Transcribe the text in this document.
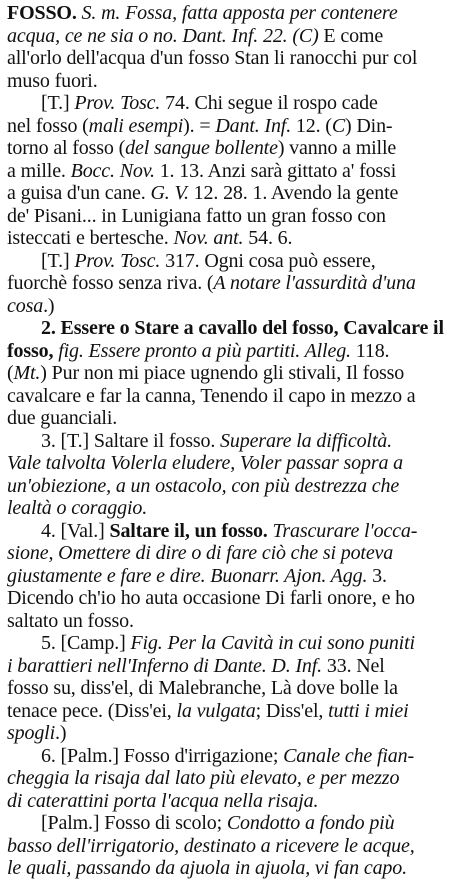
FOSSO. S. m. Fossa, fatta apposta per contenere
acqua, ce ne sia o no. Dant. Inf. 22. (C) E come
all'orlo dell'acqua d'un fosso Stan li ranocchi pur col
muso fuori.
[T.] Prov. Tosc. 74. Chi segue il rospo cade
nel fosso (mali esempi). = Dant. Inf. 12. (C) Din-
torno al fosso (del sangue bollente) vanno a mille
a mille. Bocc. Nov. 1. 13. Anzi sarà gittato a' fossi
a guisa d'un cane. G. V. 12. 28. 1. Avendo la gente
de' Pisani... in Lunigiana fatto un gran fosso con
isteccati e bertesche. Nov. ant. 54. 6.
[T.] Prov. Tosc. 317. Ogni cosa può essere,
fuorchè fosso senza riva. (A notare l'assurdità d'una
cosa.)
2. Essere o Stare a cavallo del fosso, Cavalcare il
fosso, fig. Essere pronto a più partiti. Alleg. 118.
(Mt.) Pur non mi piace ugnendo gli stivali, Il fosso
cavalcare e far la canna, Tenendo il capo in mezzo a
due guanciali.
3. [T.] Saltare il fosso. Superare la difficoltà.
Vale talvolta Volerla eludere, Voler passar sopra a
un'obiezione, a un ostacolo, con più destrezza che
lealtà o coraggio.
4. [Val.] Saltare il, un fosso. Trascurare l'occa-
sione, Omettere di dire o di fare ciò che si poteva
giustamente e fare e dire. Buonarr. Ajon. Agg. 3.
Dicendo ch'io ho auta occasione Di farli onore, e ho
saltato un fosso.
5. [Camp.] Fig. Per la Cavità in cui sono puniti
i barattieri nell'Inferno di Dante. D. Inf. 33. Nel
fosso su, diss'el, di Malebranche, Là dove bolle la
tenace pece. (Diss'ei, la vulgata; Diss'el, tutti i miei
spogli.)
6. [Palm.] Fosso d'irrigazione; Canale che fian-
cheggia la risaja dal lato più elevato, e per mezzo
di caterattini porta l'acqua nella risaja.
[Palm.] Fosso di scolo; Condotto a fondo più
basso dell'irrigatorio, destinato a ricevere le acque,
le quali, passando da ajuola in ajuola, vi fan capo.
